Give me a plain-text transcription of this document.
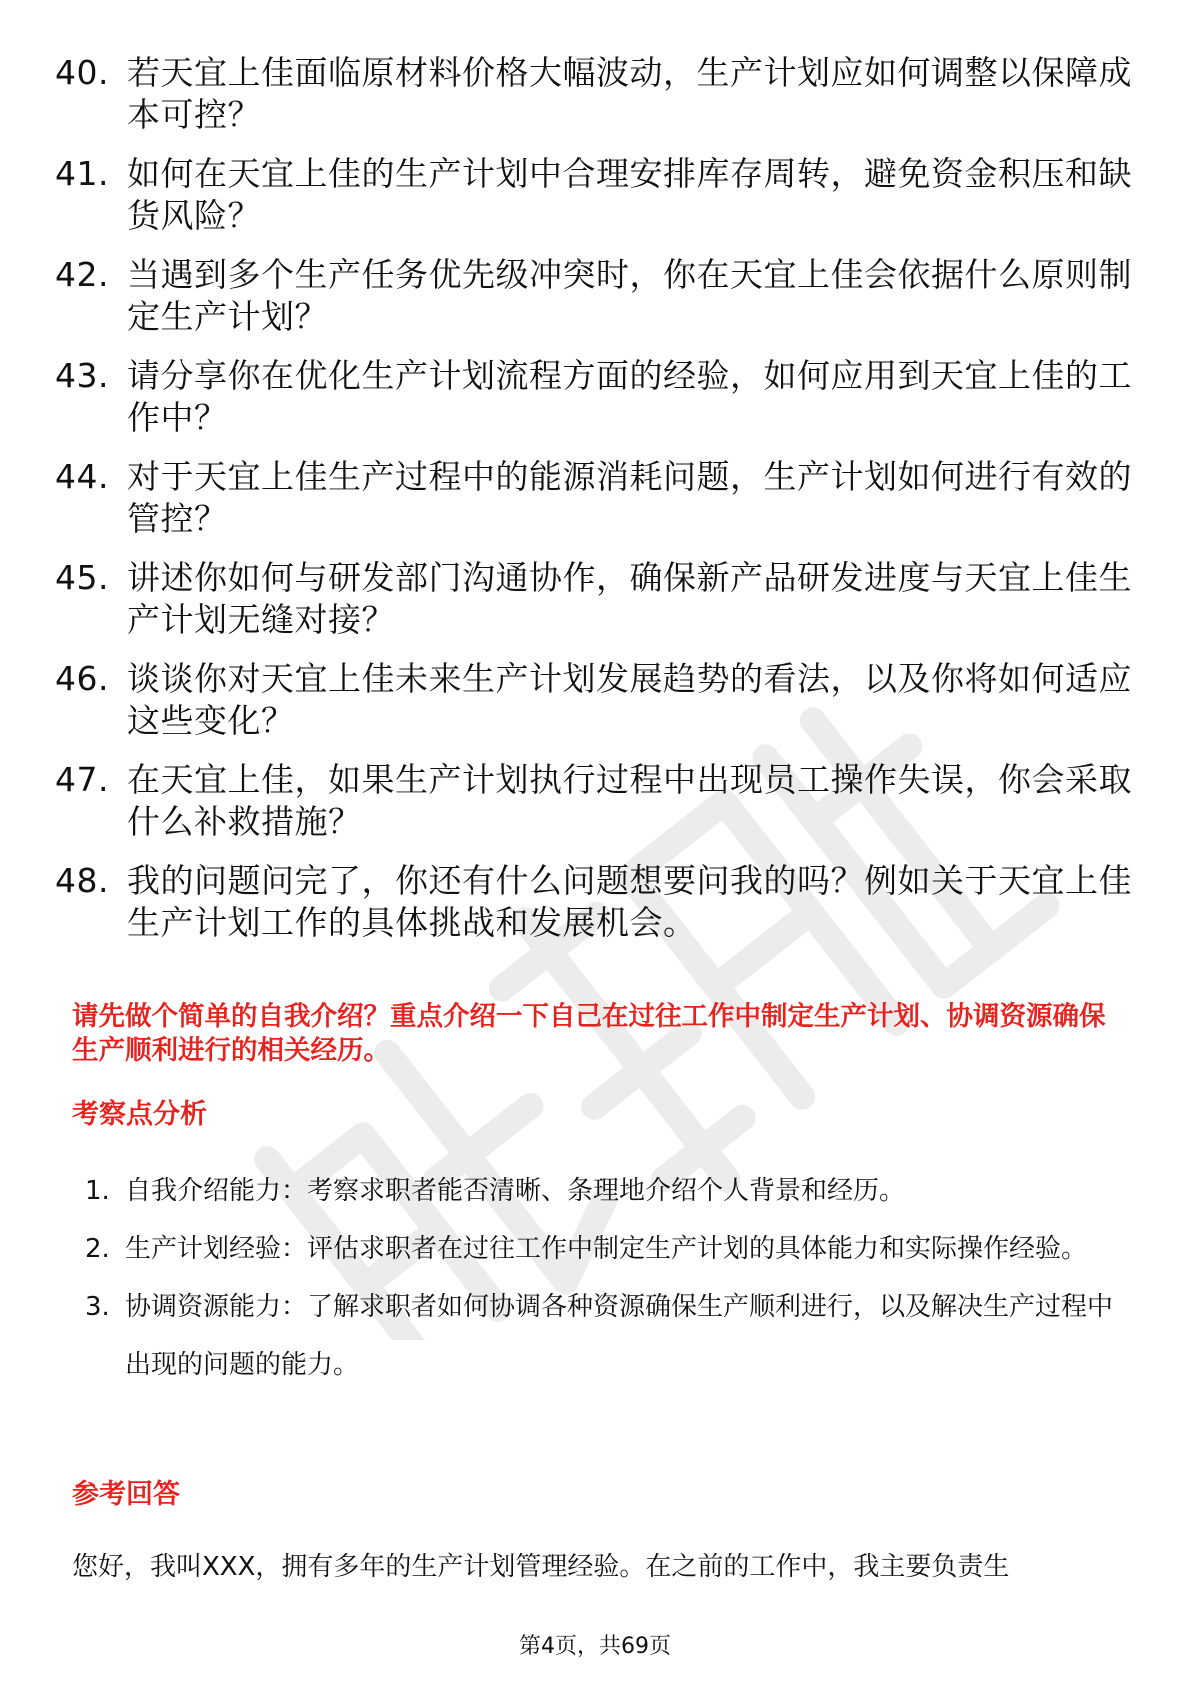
40. 若天宜上佳面临原材料价格大幅波动，生产计划应如何调整以保障成本可控？
41. 如何在天宜上佳的生产计划中合理安排库存周转，避免资金积压和缺货风险？
42. 当遇到多个生产任务优先级冲突时，你在天宜上佳会依据什么原则制定生产计划？
43. 请分享你在优化生产计划流程方面的经验，如何应用到天宜上佳的工作中？
44. 对于天宜上佳生产过程中的能源消耗问题，生产计划如何进行有效的管控？
45. 讲述你如何与研发部门沟通协作，确保新产品研发进度与天宜上佳生产计划无缝对接？
46. 谈谈你对天宜上佳未来生产计划发展趋势的看法，以及你将如何适应这些变化？
47. 在天宜上佳，如果生产计划执行过程中出现员工操作失误，你会采取什么补救措施？
48. 我的问题问完了，你还有什么问题想要问我的吗？例如关于天宜上佳生产计划工作的具体挑战和发展机会。
请先做个简单的自我介绍？重点介绍一下自己在过往工作中制定生产计划、协调资源确保生产顺利进行的相关经历。
考察点分析
1. 自我介绍能力：考察求职者能否清晰、条理地介绍个人背景和经历。
2. 生产计划经验：评估求职者在过往工作中制定生产计划的具体能力和实际操作经验。
3. 协调资源能力：了解求职者如何协调各种资源确保生产顺利进行，以及解决生产过程中出现的问题的能力。
参考回答
您好，我叫XXX，拥有多年的生产计划管理经验。在之前的工作中，我主要负责生
第4页，共69页
